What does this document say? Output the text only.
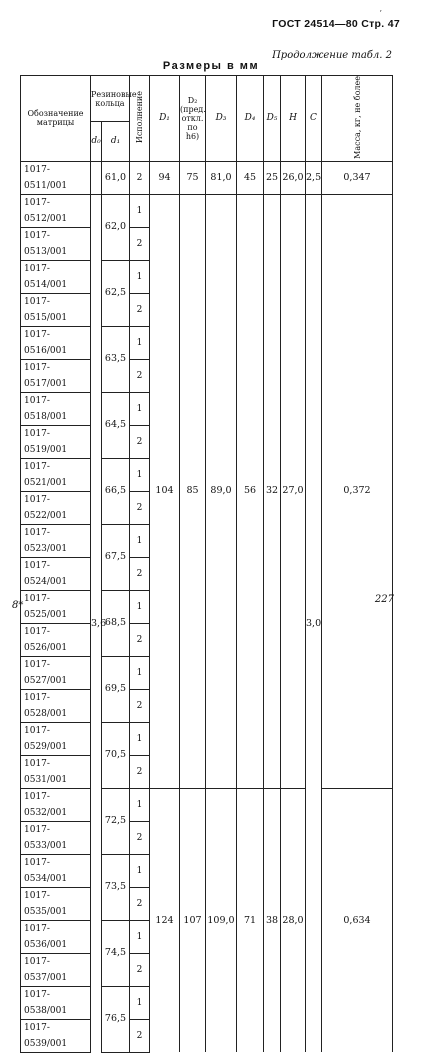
,
ГОСТ 24514—80 Стр. 47
Продолжение табл. 2
Размеры в мм
Обозначение матрицы	Резиновые кольца		Исполнение	D₁	D₂
(пред. откл. по h6)	D₃	D₄	D₅	H	C	Масса, кг, не более
	d₀	d₁									
1017-0511/001		61,0	2	94	75	81,0	45	25	26,0	2,5	0,347
1017-0512/001	3,6	62,0	1	104	85	89,0	56	32	27,0	3,0	0,372
1017-0513/001			2								
1017-0514/001		62,5	1								
1017-0515/001			2								
1017-0516/001		63,5	1								
1017-0517/001			2								
1017-0518/001		64,5	1								
1017-0519/001			2								
1017-0521/001		66,5	1								
1017-0522/001			2								
1017-0523/001		67,5	1								
1017-0524/001			2								
1017-0525/001		68,5	1								
1017-0526/001			2								
1017-0527/001		69,5	1								
1017-0528/001			2								
1017-0529/001		70,5	1								
1017-0531/001			2								
1017-0532/001		72,5	1	124	107	109,0	71	38	28,0		0,634
1017-0533/001			2								
1017-0534/001		73,5	1								
1017-0535/001			2								
1017-0536/001		74,5	1								
1017-0537/001			2								
1017-0538/001		76,5	1								
1017-0539/001			2								
8*
227
